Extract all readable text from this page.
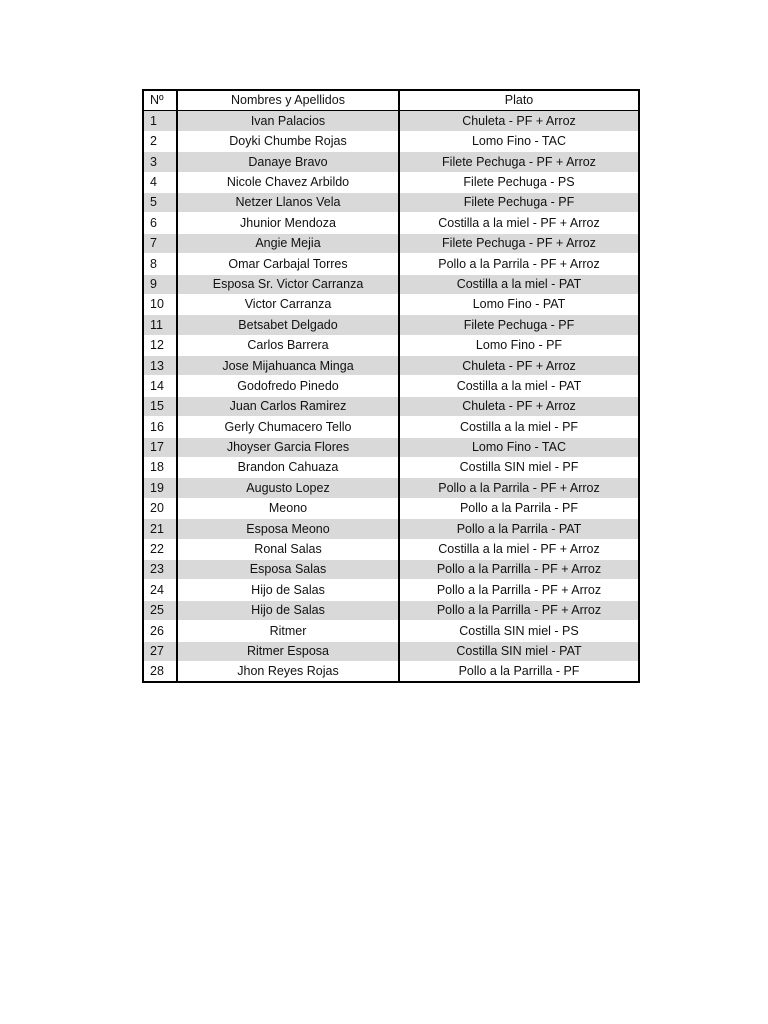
Nº	Nombres y Apellidos	Plato
1	Ivan Palacios	Chuleta - PF + Arroz
2	Doyki Chumbe Rojas	Lomo Fino - TAC
3	Danaye Bravo	Filete Pechuga - PF + Arroz
4	Nicole Chavez Arbildo	Filete Pechuga - PS
5	Netzer Llanos Vela	Filete Pechuga - PF
6	Jhunior Mendoza	Costilla a la miel - PF + Arroz
7	Angie Mejia	Filete Pechuga - PF + Arroz
8	Omar Carbajal Torres	Pollo a la Parrila - PF + Arroz
9	Esposa Sr. Victor Carranza	Costilla a la miel - PAT
10	Victor Carranza	Lomo Fino - PAT
11	Betsabet Delgado	Filete Pechuga - PF
12	Carlos Barrera	Lomo Fino - PF
13	Jose Mijahuanca Minga	Chuleta - PF + Arroz
14	Godofredo Pinedo	Costilla a la miel - PAT
15	Juan Carlos Ramirez	Chuleta - PF + Arroz
16	Gerly Chumacero Tello	Costilla a la miel - PF
17	Jhoyser Garcia Flores	Lomo Fino - TAC
18	Brandon Cahuaza	Costilla SIN miel - PF
19	Augusto Lopez	Pollo a la Parrila - PF + Arroz
20	Meono	Pollo a la Parrila - PF
21	Esposa Meono	Pollo a la Parrila - PAT
22	Ronal Salas	Costilla a la miel - PF + Arroz
23	Esposa Salas	Pollo a la Parrilla - PF + Arroz
24	Hijo de Salas	Pollo a la Parrilla - PF + Arroz
25	Hijo de Salas	Pollo a la Parrilla - PF + Arroz
26	Ritmer	Costilla SIN miel - PS
27	Ritmer Esposa	Costilla SIN miel - PAT
28	Jhon Reyes Rojas	Pollo a la Parrilla - PF
